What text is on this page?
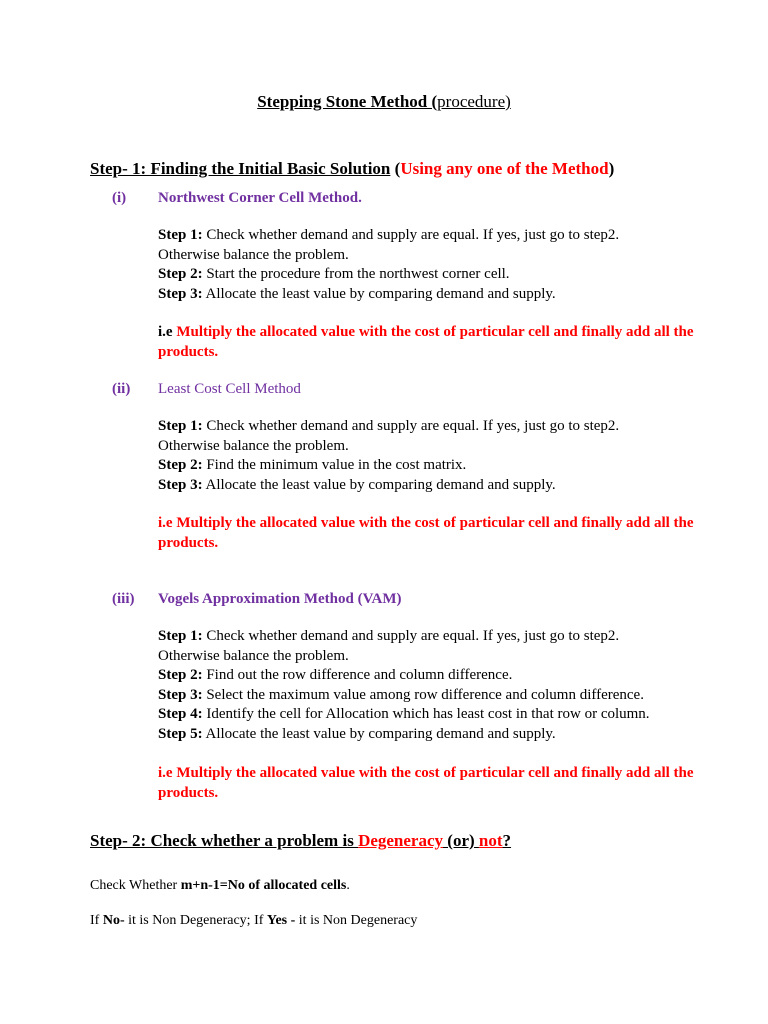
Stepping Stone Method (procedure)
Step- 1: Finding the Initial Basic Solution (Using any one of the Method)
(i) Northwest Corner Cell Method.
Step 1: Check whether demand and supply are equal. If yes, just go to step2.
Otherwise balance the problem.
Step 2: Start the procedure from the northwest corner cell.
Step 3: Allocate the least value by comparing demand and supply.
i.e Multiply the allocated value with the cost of particular cell and finally add all the products.
(ii) Least Cost Cell Method
Step 1: Check whether demand and supply are equal. If yes, just go to step2.
Otherwise balance the problem.
Step 2: Find the minimum value in the cost matrix.
Step 3: Allocate the least value by comparing demand and supply.
i.e Multiply the allocated value with the cost of particular cell and finally add all the products.
(iii) Vogels Approximation Method (VAM)
Step 1: Check whether demand and supply are equal. If yes, just go to step2.
Otherwise balance the problem.
Step 2: Find out the row difference and column difference.
Step 3: Select the maximum value among row difference and column difference.
Step 4: Identify the cell for Allocation which has least cost in that row or column.
Step 5: Allocate the least value by comparing demand and supply.
i.e Multiply the allocated value with the cost of particular cell and finally add all the products.
Step- 2: Check whether a problem is Degeneracy (or) not?
Check Whether m+n-1=No of allocated cells.
If No- it is Non Degeneracy; If Yes - it is Non Degeneracy
